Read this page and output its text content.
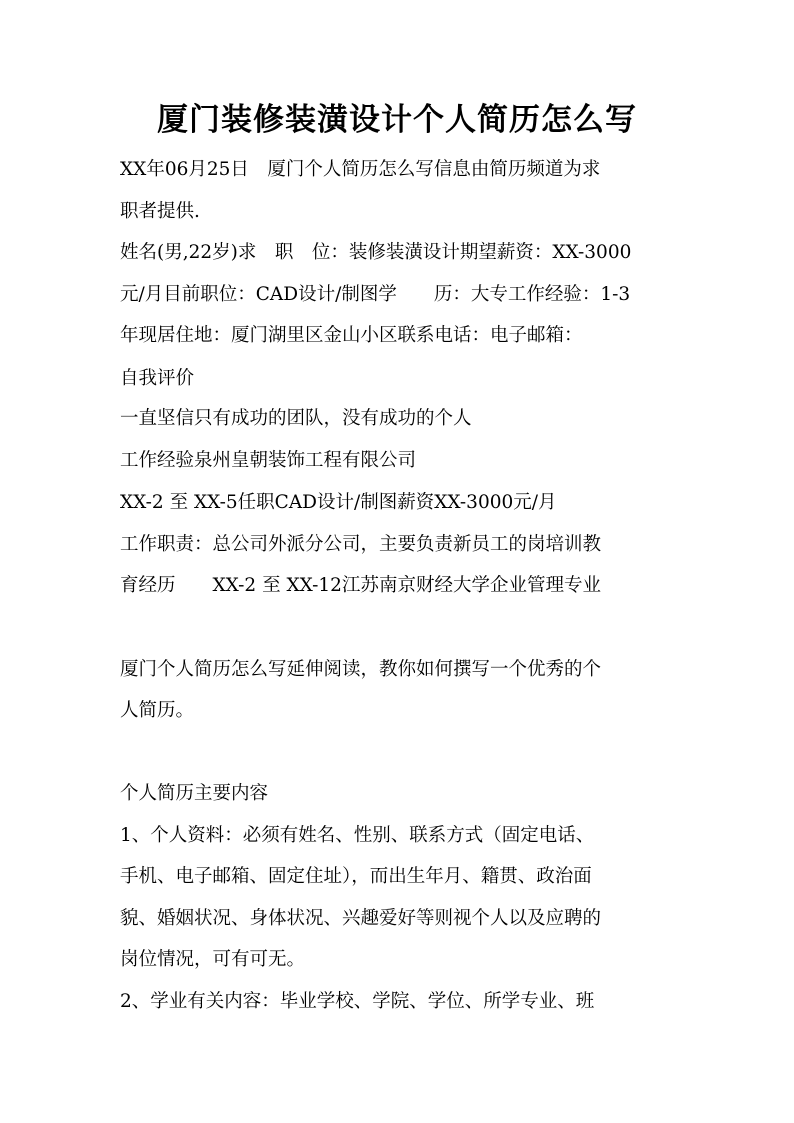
厦门装修装潢设计个人简历怎么写
XX年06月25日　厦门个人简历怎么写信息由简历频道为求
职者提供.
姓名(男,22岁)求　职　位：装修装潢设计期望薪资：XX-3000
元/月目前职位：CAD设计/制图学　　历：大专工作经验：1-3
年现居住地：厦门湖里区金山小区联系电话：电子邮箱：
自我评价
一直坚信只有成功的团队，没有成功的个人
工作经验泉州皇朝装饰工程有限公司
XX-2 至 XX-5任职CAD设计/制图薪资XX-3000元/月
工作职责：总公司外派分公司，主要负责新员工的岗培训教
育经历　　XX-2 至 XX-12江苏南京财经大学企业管理专业
厦门个人简历怎么写延伸阅读，教你如何撰写一个优秀的个
人简历。
个人简历主要内容
1、个人资料：必须有姓名、性别、联系方式（固定电话、
手机、电子邮箱、固定住址），而出生年月、籍贯、政治面
貌、婚姻状况、身体状况、兴趣爱好等则视个人以及应聘的
岗位情况，可有可无。
2、学业有关内容：毕业学校、学院、学位、所学专业、班
